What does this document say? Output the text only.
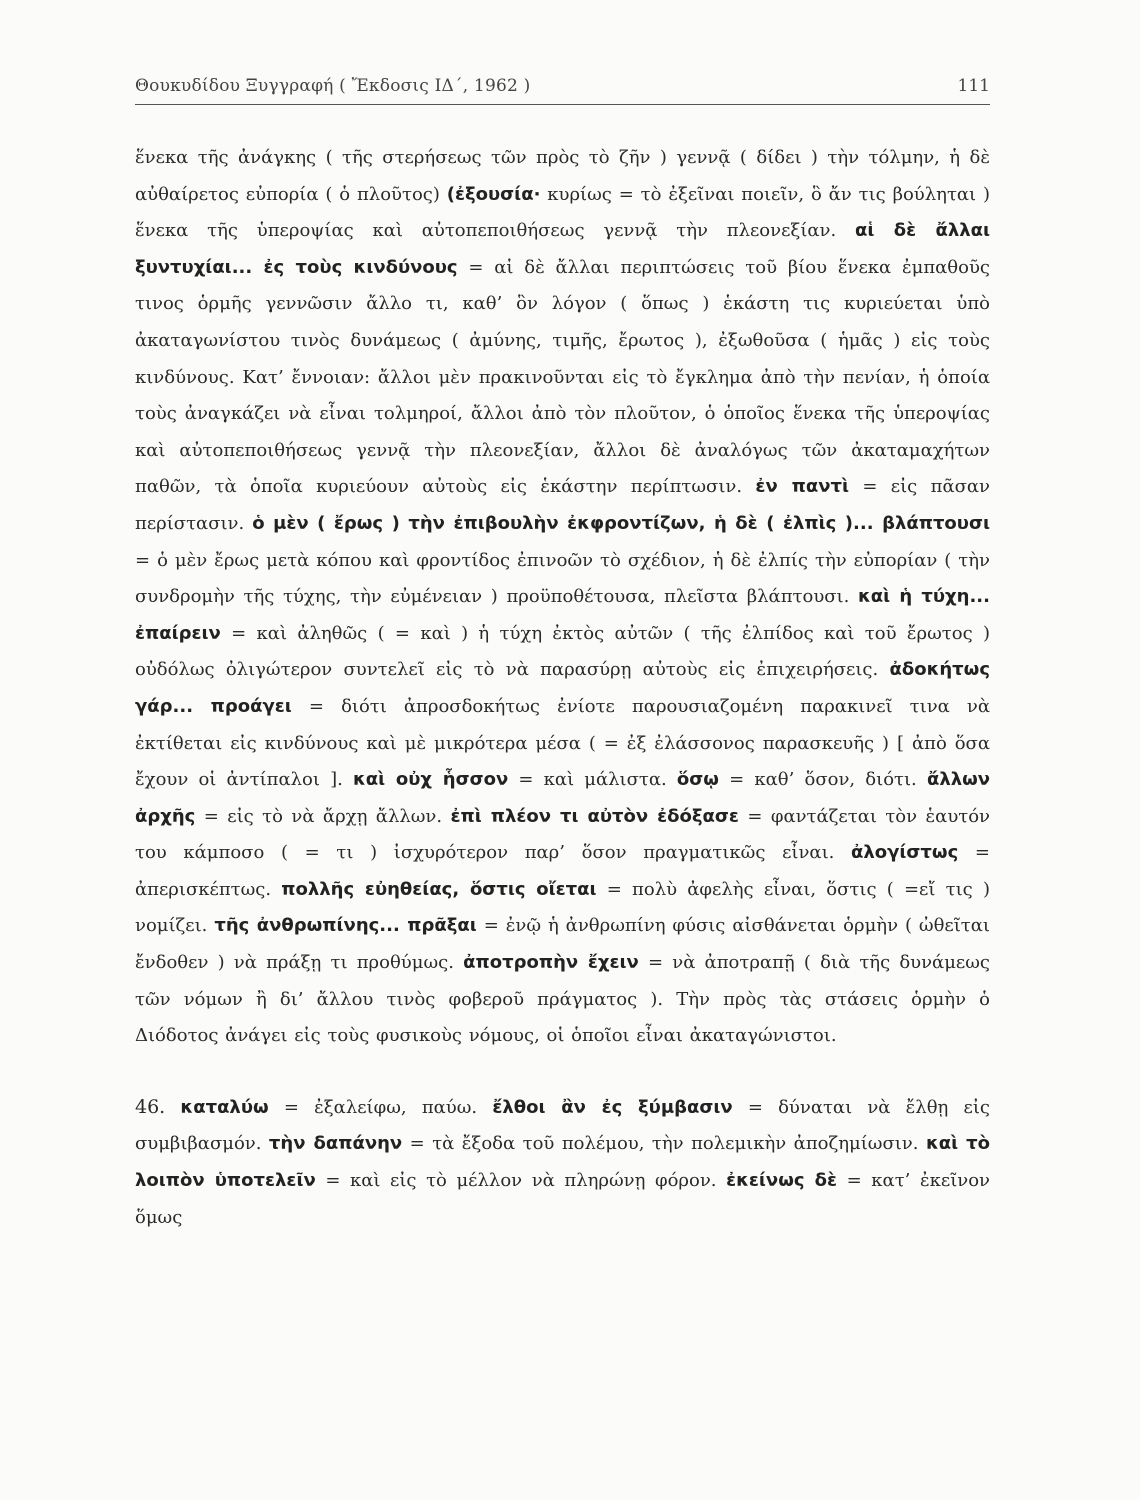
Θουκυδίδου Ξυγγραφή ( Ἔκδοσις ΙΔ΄, 1962 )	111

ἕνεκα τῆς ἀνάγκης ( τῆς στερήσεως τῶν πρὸς τὸ ζῆν ) γεννᾷ ( δίδει ) τὴν τόλμην, ἡ δὲ αὐθαίρετος εὐπορία ( ὁ πλοῦτος) (ἐξουσία· κυρίως = τὸ ἐξεῖναι ποιεῖν, ὃ ἄν τις βούληται ) ἕνεκα τῆς ὑπεροψίας καὶ αὐτοπεποιθήσεως γεννᾷ τὴν πλεονεξίαν. αἱ δὲ ἄλλαι ξυντυχίαι... ἐς τοὺς κινδύνους = αἱ δὲ ἄλλαι περιπτώσεις τοῦ βίου ἕνεκα ἐμπαθοῦς τινος ὁρμῆς γεννῶσιν ἄλλο τι, καθ’ ὃν λόγον ( ὅπως ) ἑκάστη τις κυριεύεται ὑπὸ ἀκαταγωνίστου τινὸς δυνάμεως ( ἀμύνης, τιμῆς, ἔρωτος ), ἐξωθοῦσα ( ἡμᾶς ) εἰς τοὺς κινδύνους. Κατ’ ἔννοιαν: ἄλλοι μὲν πρακινοῦνται εἰς τὸ ἔγκλημα ἀπὸ τὴν πενίαν, ἡ ὁποία τοὺς ἀναγκάζει νὰ εἶναι τολμηροί, ἄλλοι ἀπὸ τὸν πλοῦτον, ὁ ὁποῖος ἕνεκα τῆς ὑπεροψίας καὶ αὐτοπεποιθήσεως γεννᾷ τὴν πλεονεξίαν, ἄλλοι δὲ ἀναλόγως τῶν ἀκαταμαχήτων παθῶν, τὰ ὁποῖα κυριεύουν αὐτοὺς εἰς ἑκάστην περίπτωσιν. ἐν παντὶ = εἰς πᾶσαν περίστασιν. ὁ μὲν ( ἔρως ) τὴν ἐπιβουλὴν ἐκφροντίζων, ἡ δὲ ( ἐλπὶς )... βλάπτουσι = ὁ μὲν ἔρως μετὰ κόπου καὶ φροντίδος ἐπινοῶν τὸ σχέδιον, ἡ δὲ ἐλπίς τὴν εὐπορίαν ( τὴν συνδρομὴν τῆς τύχης, τὴν εὐμένειαν ) προϋποθέτουσα, πλεῖστα βλάπτουσι. καὶ ἡ τύχη... ἐπαίρειν = καὶ ἀληθῶς ( = καὶ ) ἡ τύχη ἐκτὸς αὐτῶν ( τῆς ἐλπίδος καὶ τοῦ ἔρωτος ) οὐδόλως ὀλιγώτερον συντελεῖ εἰς τὸ νὰ παρασύρῃ αὐτοὺς εἰς ἐπιχειρήσεις. ἀδοκήτως γάρ... προάγει = διότι ἀπροσδοκήτως ἐνίοτε παρουσιαζομένη παρακινεῖ τινα νὰ ἐκτίθεται εἰς κινδύνους καὶ μὲ μικρότερα μέσα ( = ἐξ ἐλάσσονος παρασκευῆς ) [ ἀπὸ ὅσα ἔχουν οἱ ἀντίπαλοι ]. καὶ οὐχ ἧσσον = καὶ μάλιστα. ὅσῳ = καθ’ ὅσον, διότι. ἄλλων ἀρχῆς = εἰς τὸ νὰ ἄρχῃ ἄλλων. ἐπὶ πλέον τι αὐτὸν ἐδόξασε = φαντάζεται τὸν ἑαυτόν του κάμποσο ( = τι ) ἰσχυρότερον παρ’ ὅσον πραγματικῶς εἶναι. ἀλογίστως = ἀπερισκέπτως. πολλῆς εὐηθείας, ὅστις οἴεται = πολὺ ἀφελὴς εἶναι, ὅστις ( =εἴ τις ) νομίζει. τῆς ἀνθρωπίνης... πρᾶξαι = ἐνῷ ἡ ἀνθρωπίνη φύσις αἰσθάνεται ὁρμὴν ( ὠθεῖται ἔνδοθεν ) νὰ πράξῃ τι προθύμως. ἀποτροπὴν ἔχειν = νὰ ἀποτραπῇ ( διὰ τῆς δυνάμεως τῶν νόμων ἢ δι’ ἄλλου τινὸς φοβεροῦ πράγματος ). Τὴν πρὸς τὰς στάσεις ὁρμὴν ὁ Διόδοτος ἀνάγει εἰς τοὺς φυσικοὺς νόμους, οἱ ὁποῖοι εἶναι ἀκαταγώνιστοι.

46. καταλύω = ἐξαλείφω, παύω. ἔλθοι ἂν ἐς ξύμβασιν = δύναται νὰ ἔλθῃ εἰς συμβιβασμόν. τὴν δαπάνην = τὰ ἔξοδα τοῦ πολέμου, τὴν πολεμικὴν ἀποζημίωσιν. καὶ τὸ λοιπὸν ὑποτελεῖν = καὶ εἰς τὸ μέλλον νὰ πληρώνῃ φόρον. ἐκείνως δὲ = κατ’ ἐκεῖνον ὅμως
